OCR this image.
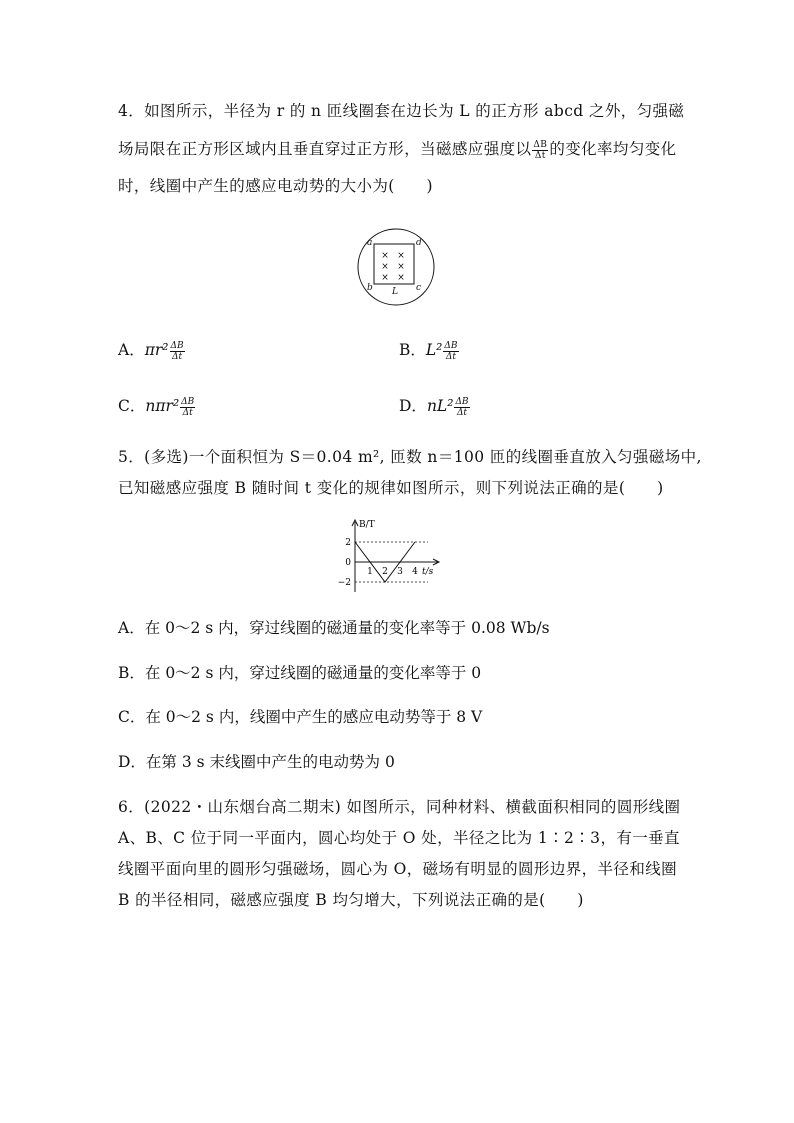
4．如图所示，半径为 r 的 n 匝线圈套在边长为 L 的正方形 abcd 之外，匀强磁
场局限在正方形区域内且垂直穿过正方形，当磁感应强度以 $\frac{\Delta B}{\Delta t}$ 的变化率均匀变化
时，线圈中产生的感应电动势的大小为(　　)
× ×
× ×
× ×
a	d
b	c
L
A．$\pi r^2 \frac{\Delta B}{\Delta t}$	B．$L^2 \frac{\Delta B}{\Delta t}$
C．$n\pi r^2 \frac{\Delta B}{\Delta t}$	D．$nL^2 \frac{\Delta B}{\Delta t}$
5．(多选)一个面积恒为 S＝0.04 m², 匝数 n＝100 匝的线圈垂直放入匀强磁场中,
已知磁感应强度 B 随时间 t 变化的规律如图所示，则下列说法正确的是(　　)
B/T
t/s
2
0
−2
1 2 3 4
A．在 0～2 s 内，穿过线圈的磁通量的变化率等于 0.08 Wb/s
B．在 0～2 s 内，穿过线圈的磁通量的变化率等于 0
C．在 0～2 s 内，线圈中产生的感应电动势等于 8 V
D．在第 3 s 末线圈中产生的电动势为 0
6．(2022・山东烟台高二期末) 如图所示，同种材料、横截面积相同的圆形线圈
A、B、C 位于同一平面内，圆心均处于 O 处，半径之比为 1∶2∶3，有一垂直
线圈平面向里的圆形匀强磁场，圆心为 O，磁场有明显的圆形边界，半径和线圈
B 的半径相同，磁感应强度 B 均匀增大，下列说法正确的是(　　)
